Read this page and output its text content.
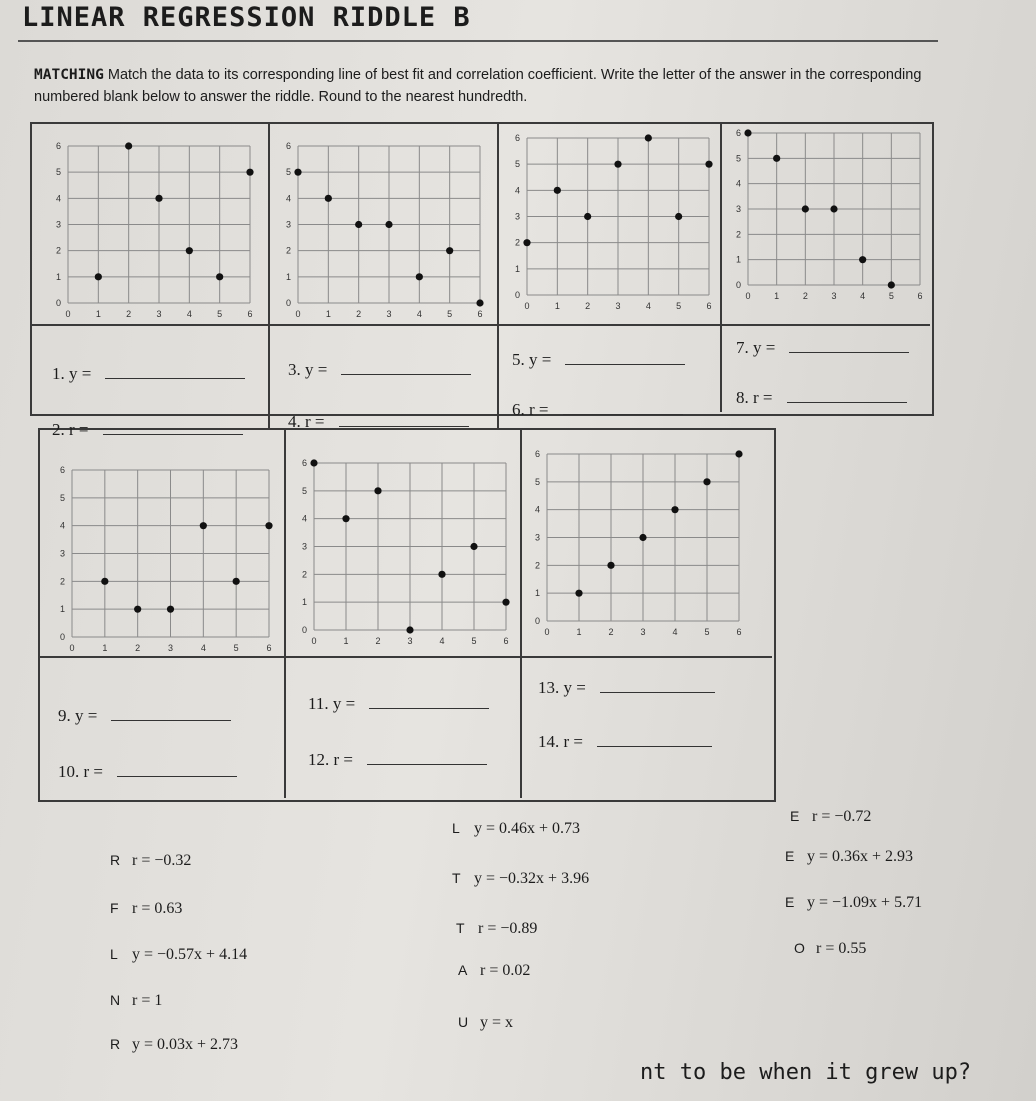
LINEAR REGRESSION RIDDLE B

MATCHING Match the data to its corresponding line of best fit and correlation coefficient. Write the letter of the answer in the corresponding numbered blank below to answer the riddle. Round to the nearest hundredth.

0
0
1
1
2
2
3
3
4
4
5
5
6
6
0
0
1
1
2
2
3
3
4
4
5
5
6
6
0
0
1
1
2
2
3
3
4
4
5
5
6
6
0
0
1
1
2
2
3
3
4
4
5
5
6
6
0
0
1
1
2
2
3
3
4
4
5
5
6
6
0
0
1
1
2
2
3
3
4
4
5
5
6
6
0
0
1
1
2
2
3
3
4
4
5
5
6
6
1. y =
2. r =
3. y =
4. r =
5. y =
6. r =
7. y =
8. r =
9. y =
10. r =
11. y =
12. r =
13. y =
14. r =
L y = 0.46x + 0.73
E r = −0.72
R r = −0.32	E y = 0.36x + 2.93
T y = −0.32x + 3.96
F r = 0.63	E y = −1.09x + 5.71
T r = −0.89
L y = −0.57x + 4.14	O r = 0.55
A r = 0.02
N r = 1
U y = x
R y = 0.03x + 2.73
nt to be when it grew up?
